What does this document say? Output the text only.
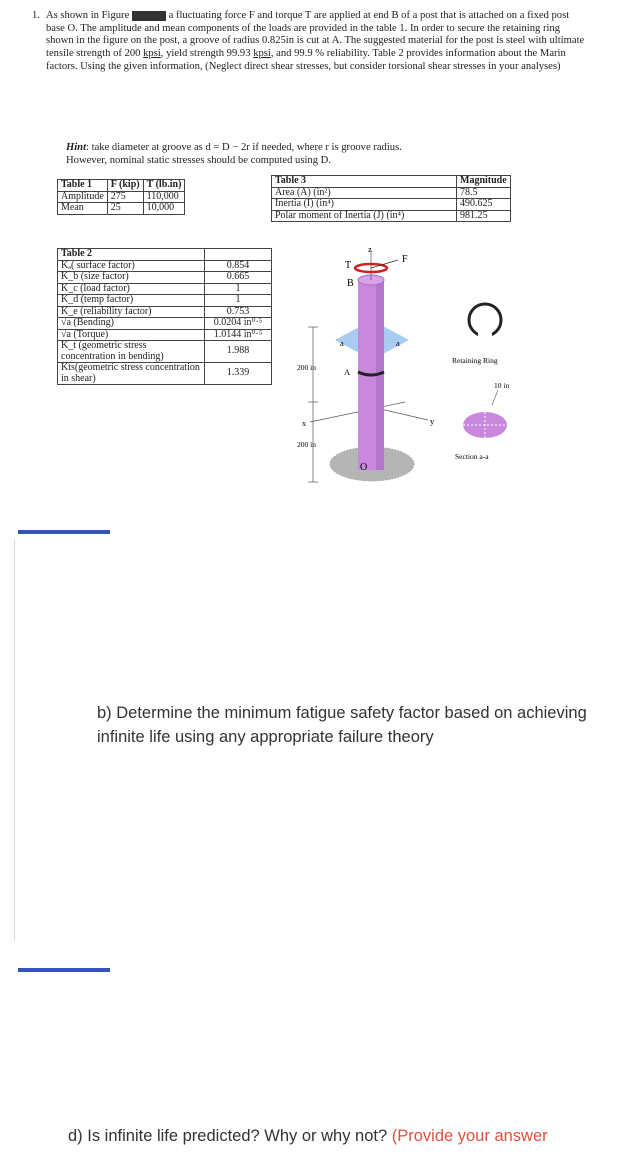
1. As shown in Figure	a fluctuating force F and torque T are applied at end B of a post that is attached on a fixed post base O. The amplitude and mean components of the loads are provided in the table 1. In order to secure the retaining ring shown in the figure on the post, a groove of radius 0.825in is cut at A. The suggested material for the post is steel with ultimate tensile strength of 200 kpsi, yield strength 99.93 kpsi, and 99.9 % reliability. Table 2 provides information about the Marin factors. Using the given information, (Neglect direct shear stresses, but consider torsional shear stresses in your analyses)
Hint: take diameter at groove as d = D − 2r if needed, where r is groove radius.
However, nominal static stresses should be computed using D.
Table 1	F (kip)	T (lb.in)
Amplitude	275	110,000
Mean	25	10,000
Table 3	Magnitude
Area (A) (in²)	78.5
Inertia (I) (in⁴)	490.625
Polar moment of Inertia (J) (in⁴)	981.25
Table 2	
Kₐ( surface factor)	0.854
K_b (size factor)	0.665
K_c (load factor)	1
K_d (temp factor)	1
K_e (reliability factor)	0.753
√a (Bending)	0.0204 in⁰·⁵
√a (Torque)	1.0144 in⁰·⁵
K_t (geometric stress concentration in bending)	1.988
Kts(geometric stress concentration in shear)	1.339
z
T
F
B
a	a
A
O
x	y
200 in
200 in
Retaining Ring
10 in
Section a-a
b) Determine the minimum fatigue safety factor based on achieving infinite life using any appropriate failure theory
d) Is infinite life predicted? Why or why not? (Provide your answer
